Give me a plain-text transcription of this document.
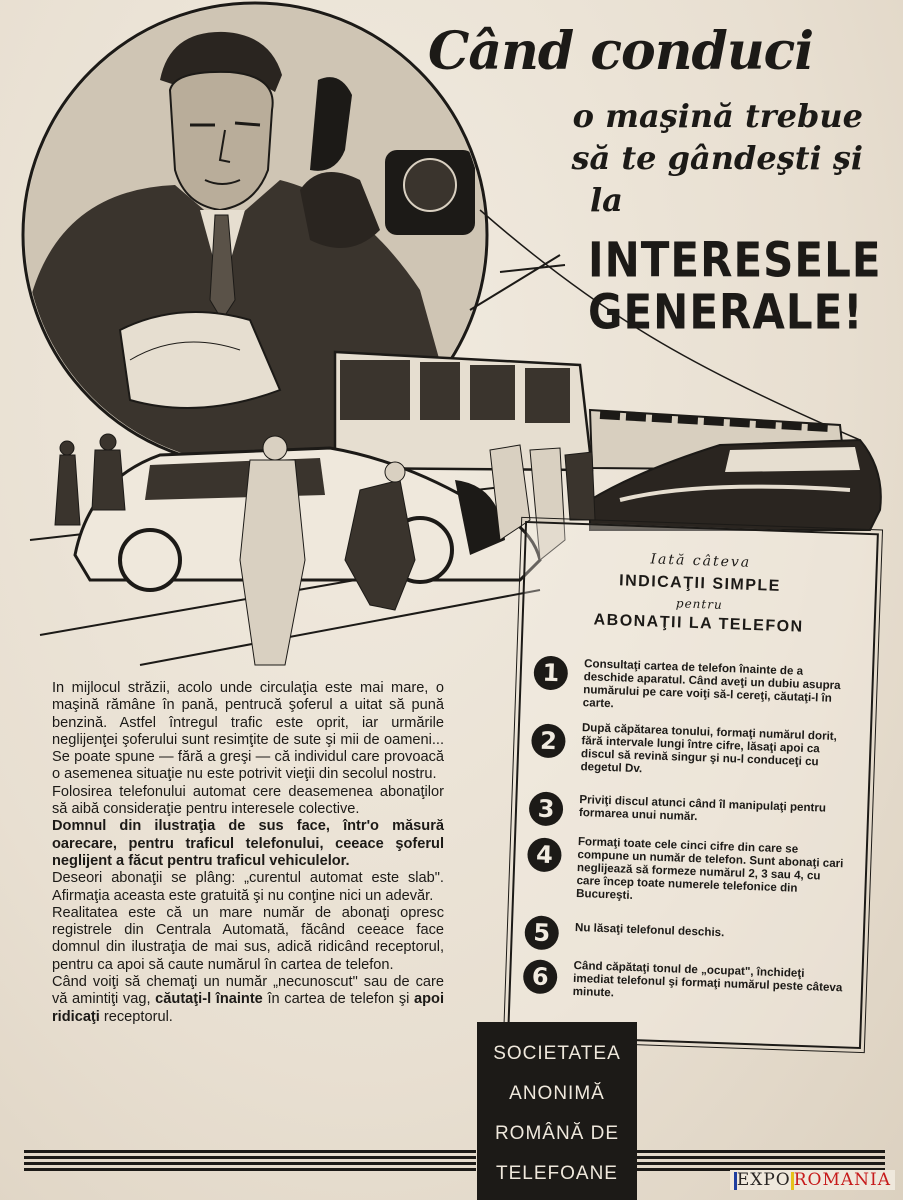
Când conduci
o maşină trebue
să te gândeşti şi
la
INTERESELE
GENERALE!

In mijlocul străzii, acolo unde circulaţia este mai mare, o maşină rămâne în pană, pentrucă şoferul a uitat să pună benzină. Astfel întregul trafic este oprit, iar urmările neglijenţei şoferului sunt resimţite de sute şi mii de oameni... Se poate spune — fără a greşi — că individul care provoacă o asemenea situaţie nu este potrivit vieţii din secolul nostru.

Folosirea telefonului automat cere deasemenea abonaţilor să aibă consideraţie pentru interesele colective.

Domnul din ilustraţia de sus face, într'o măsură oarecare, pentru traficul telefonului, ceeace şoferul neglijent a făcut pentru traficul vehiculelor.

Deseori abonaţii se plâng: „curentul automat este slab". Afirmaţia aceasta este gratuită şi nu conţine nici un adevăr.

Realitatea este că un mare număr de abonaţi opresc registrele din Centrala Automată, făcând ceeace face domnul din ilustraţia de mai sus, adică ridicând receptorul, pentru ca apoi să caute numărul în cartea de telefon.

Când voiţi să chemaţi un număr „necunoscut" sau de care vă amintiţi vag, căutaţi-l înainte în cartea de telefon şi apoi ridicaţi receptorul.

Iată câteva
INDICAŢII SIMPLE
pentru
ABONAŢII LA TELEFON
1	Consultaţi cartea de telefon înainte de a deschide aparatul. Când aveţi un dubiu asupra numărului pe care voiţi să-l cereţi, căutaţi-l în carte.
2	După căpătarea tonului, formaţi numărul dorit, fără intervale lungi între cifre, lăsaţi apoi ca discul să revină singur şi nu-l conduceţi cu degetul Dv.
3	Priviţi discul atunci când îl manipulaţi pentru formarea unui număr.
4	Formaţi toate cele cinci cifre din care se compune un număr de telefon. Sunt abonaţi cari neglijează să formeze numărul 2, 3 sau 4, cu care încep toate numerele telefonice din Bucureşti.
5	Nu lăsaţi telefonul deschis.
6	Când căpătaţi tonul de „ocupat", închideţi imediat telefonul şi formaţi numărul peste câteva minute.
SOCIETATEA
ANONIMĂ
ROMÂNĂ DE
TELEFOANE	EXPO ROMANIA
